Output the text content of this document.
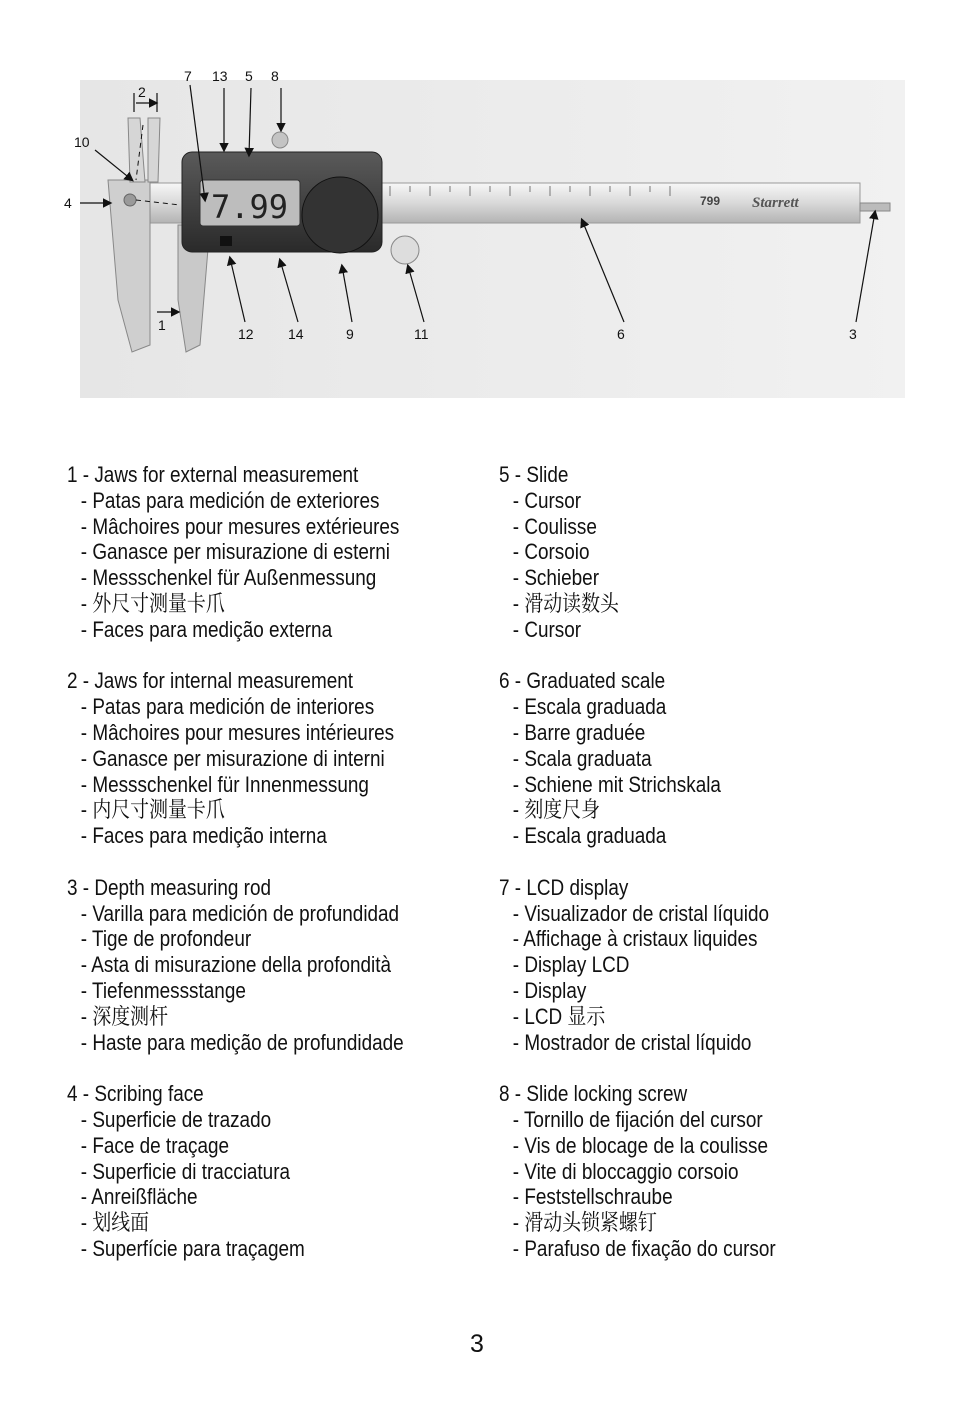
799 Starrett
7.99
7 13 5 8
2
10
4
1
12 14	9	11	6	3
1 - Jaws for external measurement
- Patas para medición de exteriores
- Mâchoires pour mesures extérieures
- Ganasce per misurazione di esterni
- Messschenkel für Außenmessung
- 外尺寸测量卡爪
- Faces para medição externa
2 - Jaws for internal measurement
- Patas para medición de interiores
- Mâchoires pour mesures intérieures
- Ganasce per misurazione di interni
- Messschenkel für Innenmessung
- 内尺寸测量卡爪
- Faces para medição interna
3 - Depth measuring rod
- Varilla para medición de profundidad
- Tige de profondeur
- Asta di misurazione della profondità
- Tiefenmessstange
- 深度测杆
- Haste para medição de profundidade
4 - Scribing face
- Superficie de trazado
- Face de traçage
- Superficie di tracciatura
- Anreißfläche
- 划线面
- Superfície para traçagem
5 - Slide
- Cursor
- Coulisse
- Corsoio
- Schieber
- 滑动读数头
- Cursor
6 - Graduated scale
- Escala graduada
- Barre graduée
- Scala graduata
- Schiene mit Strichskala
- 刻度尺身
- Escala graduada
7 - LCD display
- Visualizador de cristal líquido
- Affichage à cristaux liquides
- Display LCD
- Display
- LCD 显示
- Mostrador de cristal líquido
8 - Slide locking screw
- Tornillo de fijación del cursor
- Vis de blocage de la coulisse
- Vite di bloccaggio corsoio
- Feststellschraube
- 滑动头锁紧螺钉
- Parafuso de fixação do cursor
3
